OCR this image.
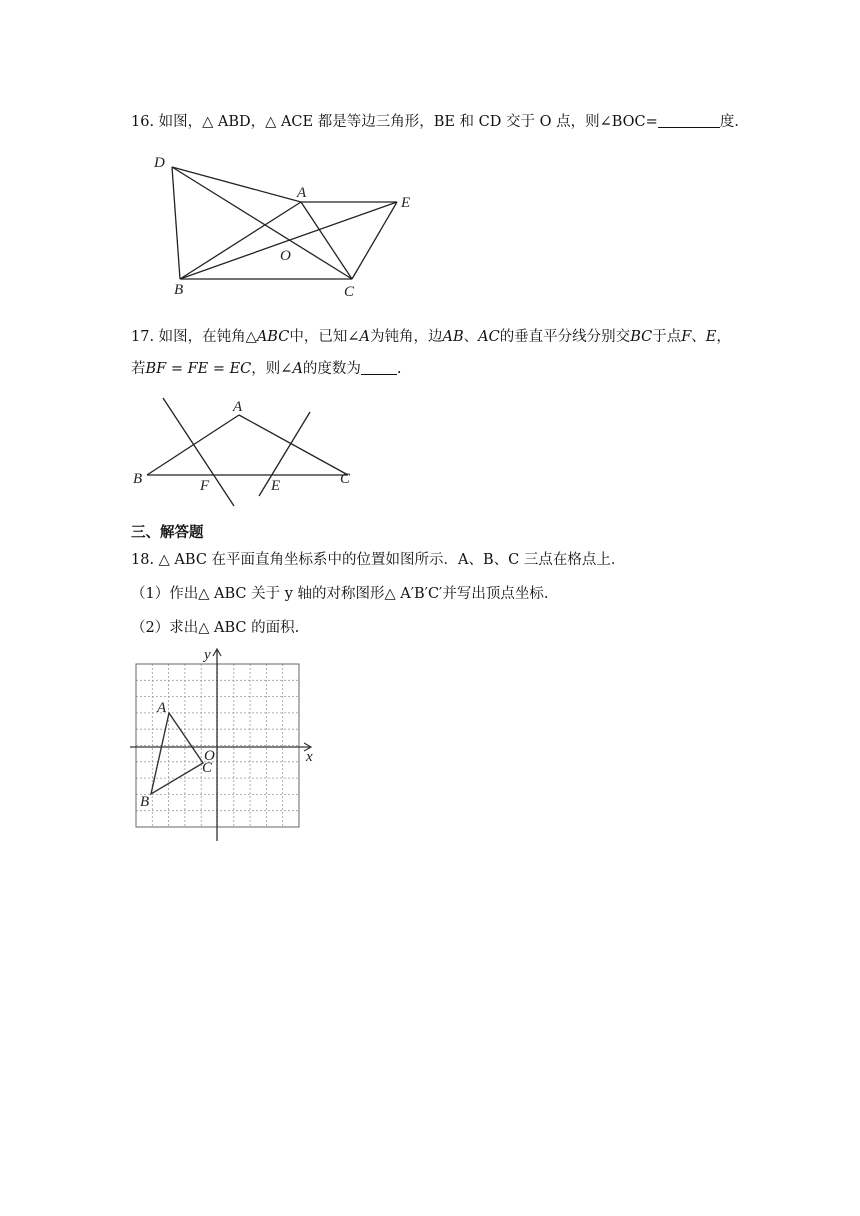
16. 如图，△ ABD，△ ACE 都是等边三角形，BE 和 CD 交于 O 点，则∠BOC=	度.
D
A
E
O
B	C
17. 如图，在钝角△ABC中，已知∠A为钝角，边AB、AC的垂直平分线分别交BC于点F、E，
若BF = FE = EC，则∠A的度数为 .
A
B	F	E	C
三、解答题
18. △ ABC 在平面直角坐标系中的位置如图所示．A、B、C 三点在格点上．
（1）作出△ ABC 关于 y 轴的对称图形△ A′B′C′并写出顶点坐标.
（2）求出△ ABC 的面积.
y
x
O
A
B
C
